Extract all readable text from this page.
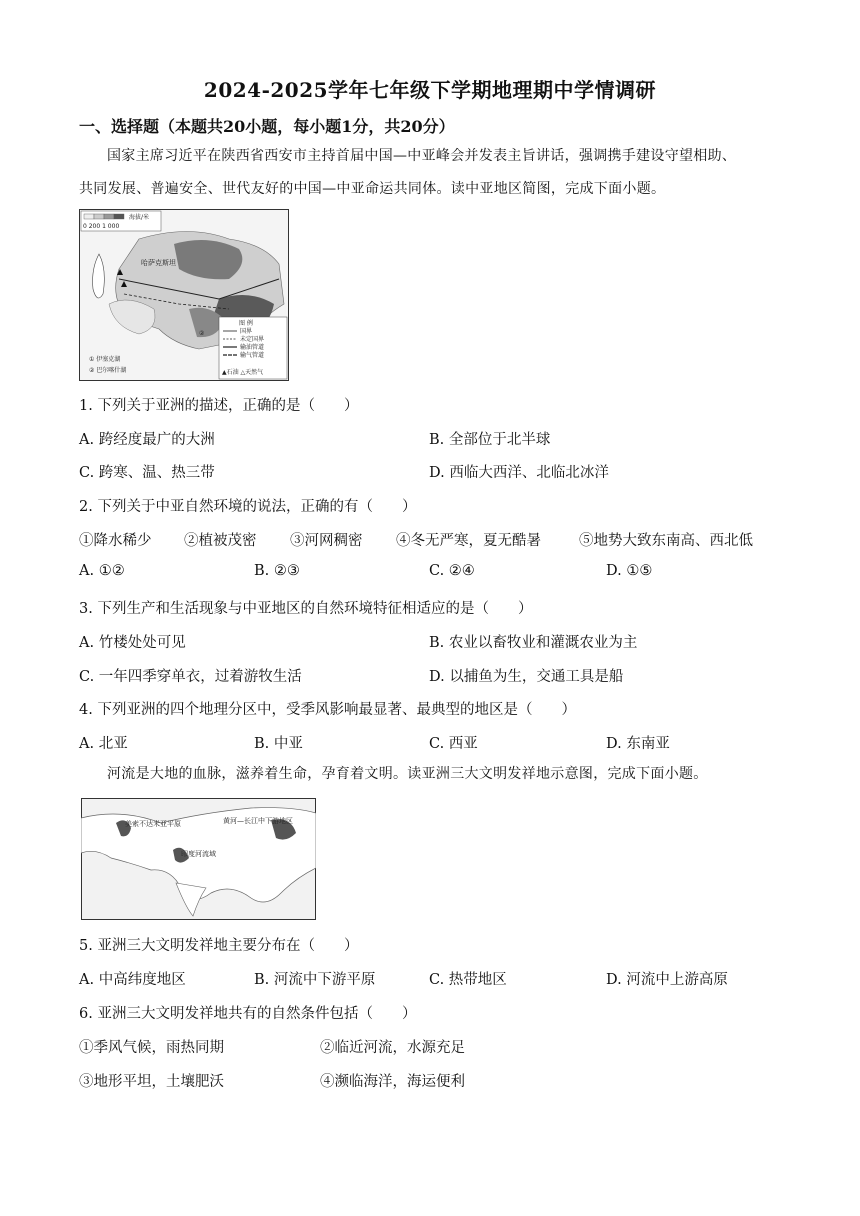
2024-2025学年七年级下学期地理期中学情调研
一、选择题（本题共20小题，每小题1分，共20分）
国家主席习近平在陕西省西安市主持首届中国—中亚峰会并发表主旨讲话，强调携手建设守望相助、
共同发展、普遍安全、世代友好的中国—中亚命运共同体。读中亚地区简图，完成下面小题。
海拔/米
0 200 1 000
哈萨克斯坦
图 例
国界
未定国界
输油管道
输气管道
▲石油 △天然气
① 伊塞克湖
② 巴尔喀什湖
②
1. 下列关于亚洲的描述，正确的是（　　）
A. 跨经度最广的大洲	B. 全部位于北半球
C. 跨寒、温、热三带	D. 西临大西洋、北临北冰洋
2. 下列关于中亚自然环境的说法，正确的有（　　）
①降水稀少 ②植被茂密 ③河网稠密 ④冬无严寒，夏无酷暑	⑤地势大致东南高、西北低
A. ①②	B. ②③	C. ②④	D. ①⑤
3. 下列生产和生活现象与中亚地区的自然环境特征相适应的是（　　）
A. 竹楼处处可见	B. 农业以畜牧业和灌溉农业为主
C. 一年四季穿单衣，过着游牧生活	D. 以捕鱼为生，交通工具是船
4. 下列亚洲的四个地理分区中，受季风影响最显著、最典型的地区是（　　）
A. 北亚	B. 中亚	C. 西亚	D. 东南亚
河流是大地的血脉，滋养着生命，孕育着文明。读亚洲三大文明发祥地示意图，完成下面小题。
美索不达米亚平原
印度河流域
黄河—长江中下游地区
5. 亚洲三大文明发祥地主要分布在（　　）
A. 中高纬度地区	B. 河流中下游平原	C. 热带地区	D. 河流中上游高原
6. 亚洲三大文明发祥地共有的自然条件包括（　　）
①季风气候，雨热同期	②临近河流，水源充足
③地形平坦，土壤肥沃	④濒临海洋，海运便利
